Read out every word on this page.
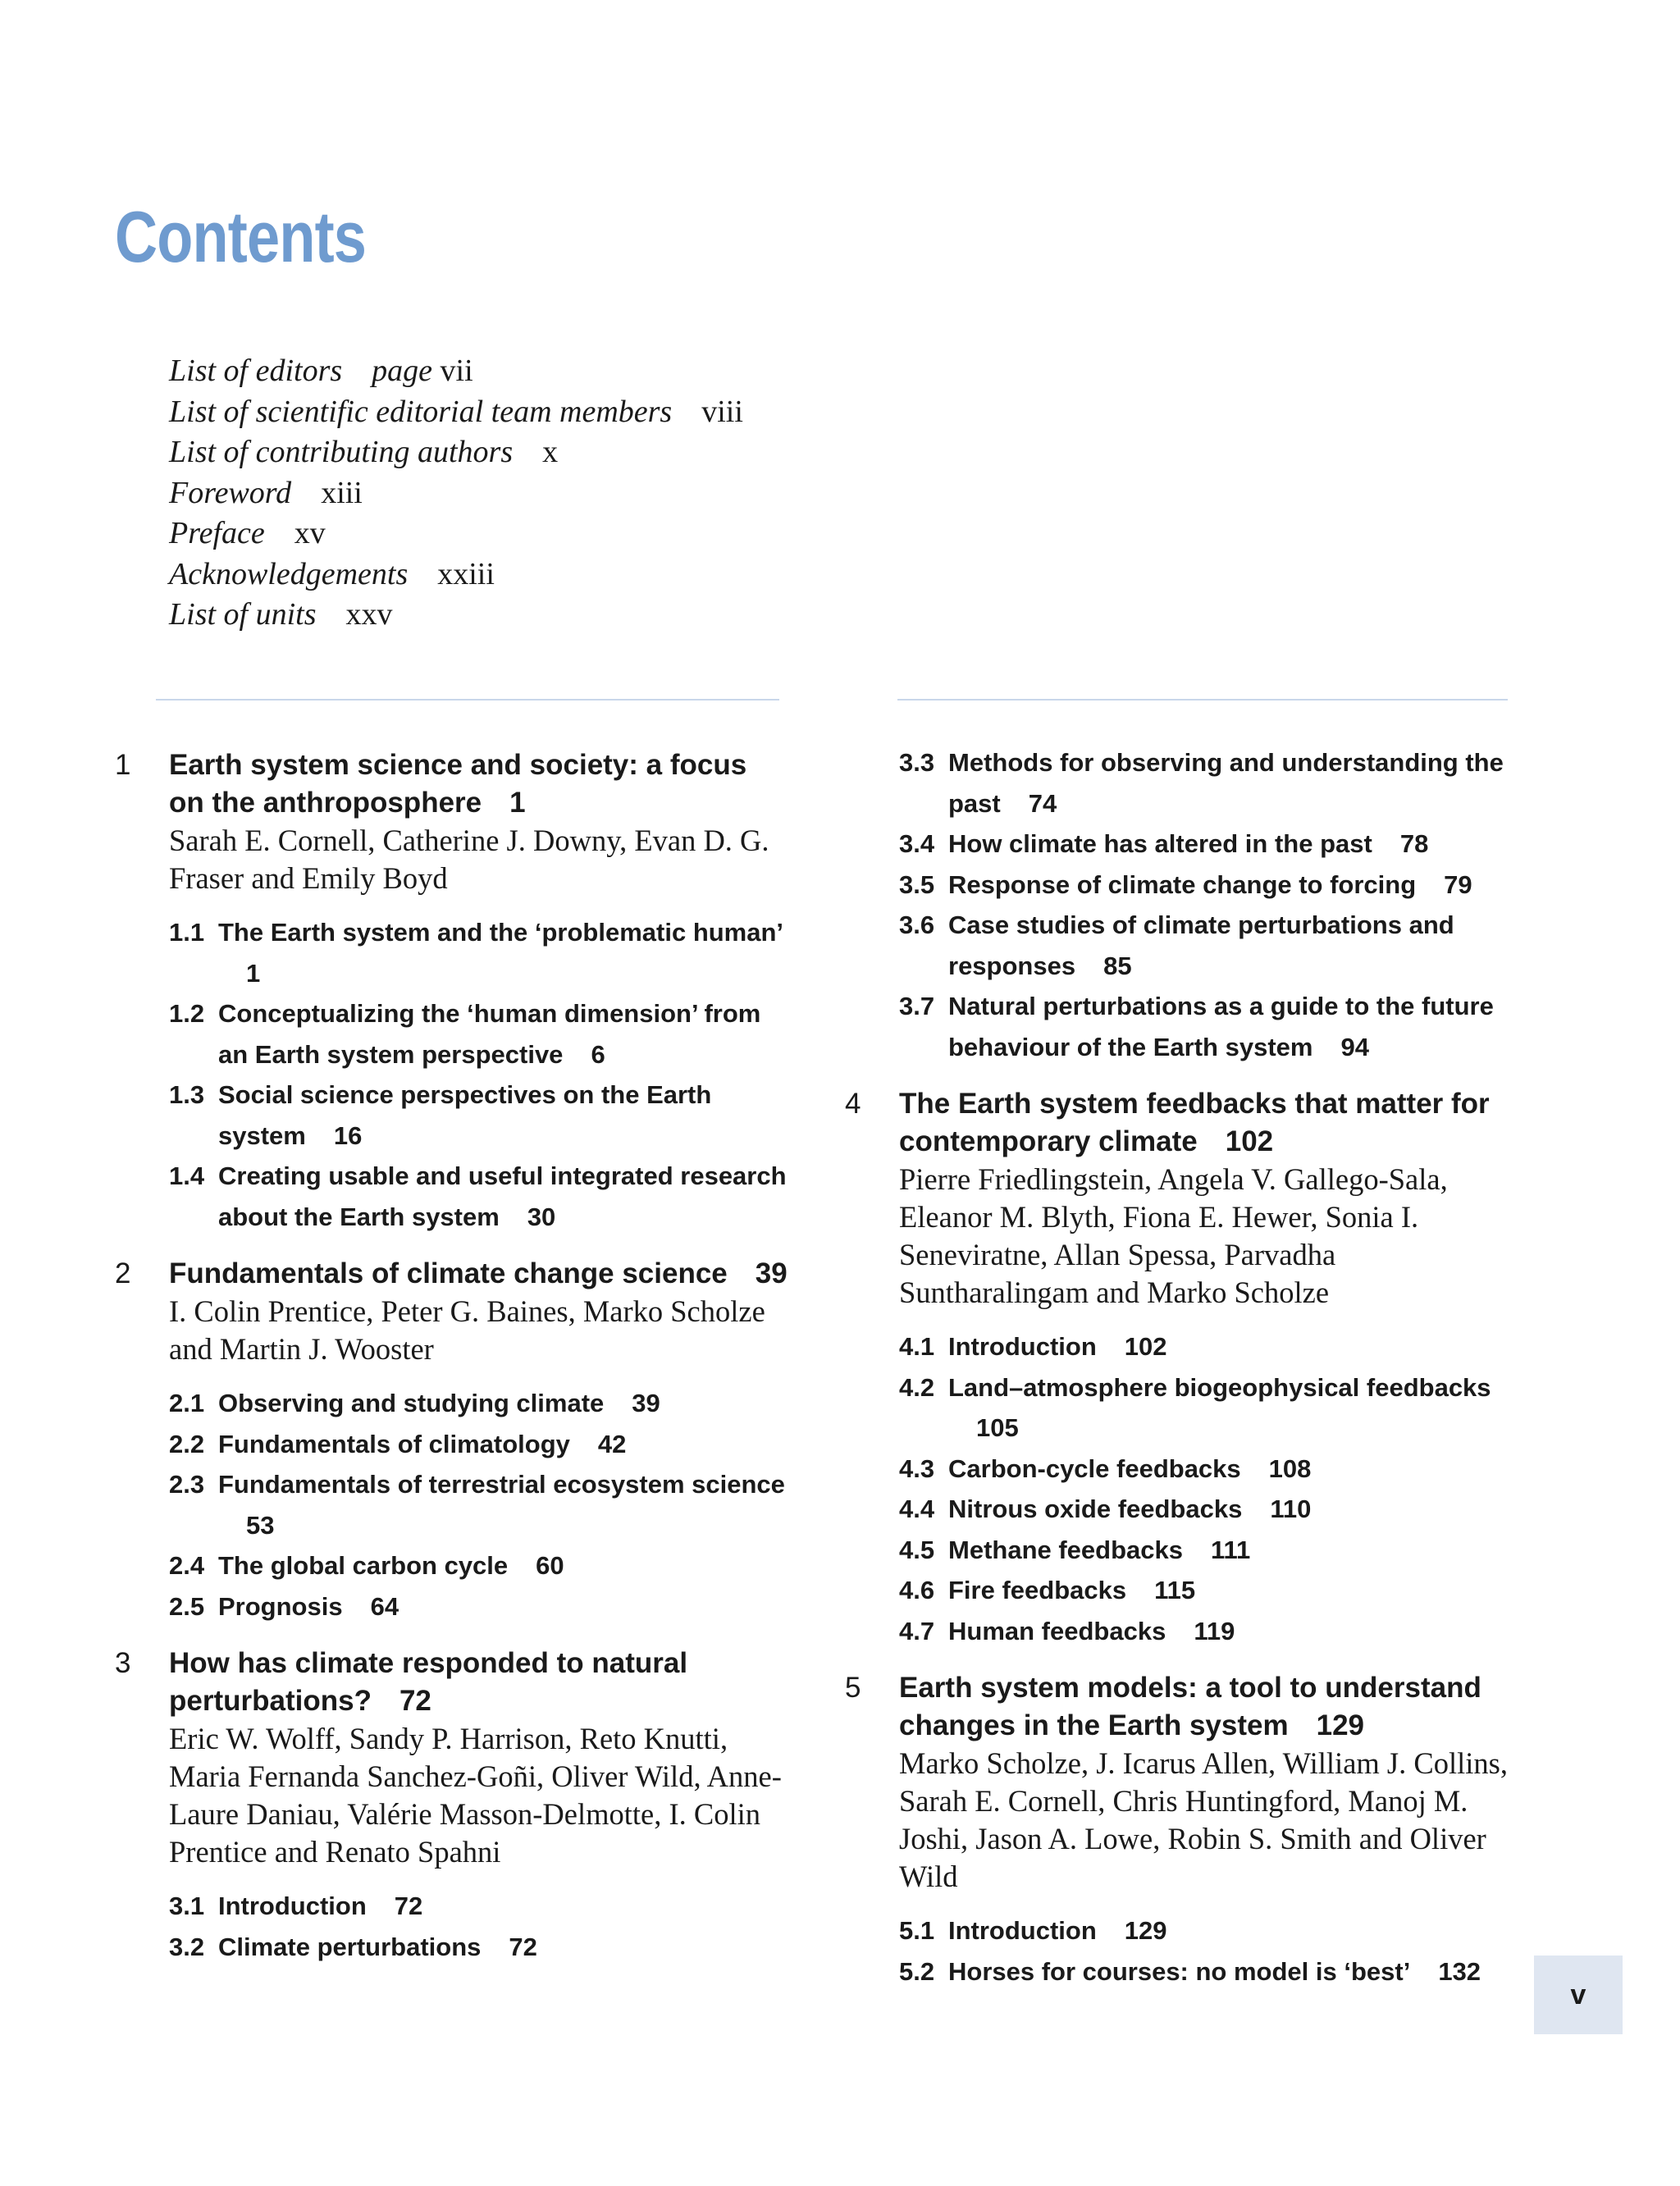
Contents
List of editors page vii
List of scientific editorial team members viii
List of contributing authors x
Foreword xiii
Preface xv
Acknowledgements xxiii
List of units xxv
1 Earth system science and society: a focus on the anthroposphere 1
Sarah E. Cornell, Catherine J. Downy, Evan D. G. Fraser and Emily Boyd
1.1 The Earth system and the ‘problematic human’1
1.2 Conceptualizing the ‘human dimension’ from an Earth system perspective 6
1.3 Social science perspectives on the Earth system 16
1.4 Creating usable and useful integrated research about the Earth system 30
2 Fundamentals of climate change science 39
I. Colin Prentice, Peter G. Baines, Marko Scholze and Martin J. Wooster
2.1 Observing and studying climate 39
2.2 Fundamentals of climatology 42
2.3 Fundamentals of terrestrial ecosystem science53
2.4 The global carbon cycle 60
2.5 Prognosis 64
3 How has climate responded to natural perturbations? 72
Eric W. Wolff, Sandy P. Harrison, Reto Knutti, Maria Fernanda Sanchez-Goñi, Oliver Wild, Anne-Laure Daniau, Valérie Masson-Delmotte, I. Colin Prentice and Renato Spahni
3.1 Introduction 72
3.2 Climate perturbations 72
3.3 Methods for observing and understanding the past 74
3.4 How climate has altered in the past 78
3.5 Response of climate change to forcing 79
3.6 Case studies of climate perturbations and responses 85
3.7 Natural perturbations as a guide to the future behaviour of the Earth system 94
4 The Earth system feedbacks that matter for contemporary climate 102
Pierre Friedlingstein, Angela V. Gallego-Sala, Eleanor M. Blyth, Fiona E. Hewer, Sonia I. Seneviratne, Allan Spessa, Parvadha Suntharalingam and Marko Scholze
4.1 Introduction 102
4.2 Land–atmosphere biogeophysical feedbacks105
4.3 Carbon-cycle feedbacks 108
4.4 Nitrous oxide feedbacks 110
4.5 Methane feedbacks 111
4.6 Fire feedbacks 115
4.7 Human feedbacks 119
5 Earth system models: a tool to understand changes in the Earth system 129
Marko Scholze, J. Icarus Allen, William J. Collins, Sarah E. Cornell, Chris Huntingford, Manoj M. Joshi, Jason A. Lowe, Robin S. Smith and Oliver Wild
5.1 Introduction 129
5.2 Horses for courses: no model is ‘best’ 132
v
